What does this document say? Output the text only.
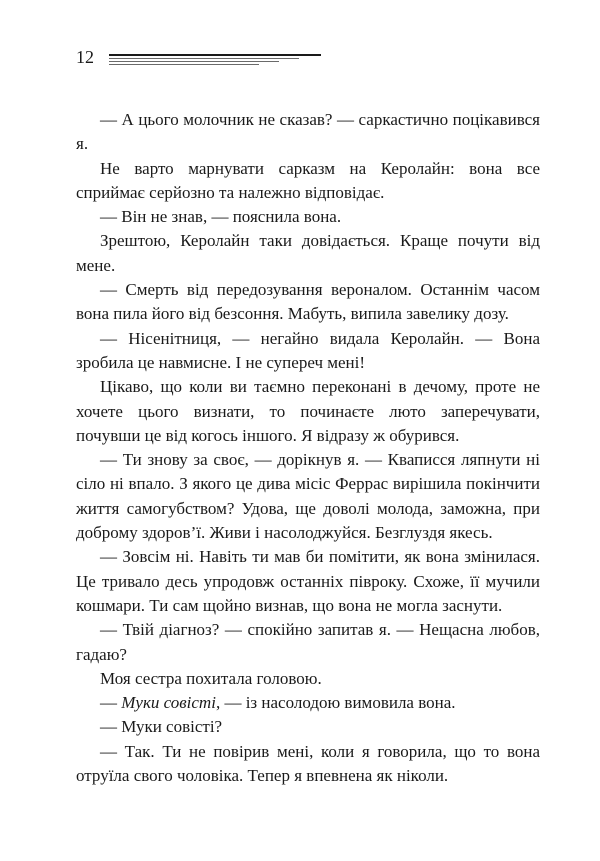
12

— А цього молочник не сказав? — саркастично поцікавився я.

Не варто марнувати сарказм на Керолайн: вона все сприймає серйозно та належно відповідає.

— Він не знав, — пояснила вона.

Зрештою, Керолайн таки довідається. Краще почути від мене.

— Смерть від передозування вероналом. Останнім часом вона пила його від безсоння. Мабуть, випила завелику дозу.

— Нісенітниця, — негайно видала Керолайн. — Вона зробила це навмисне. І не супереч мені!

Цікаво, що коли ви таємно переконані в дечому, проте не хочете цього визнати, то починаєте люто заперечувати, почувши це від когось іншого. Я відразу ж обурився.

— Ти знову за своє, — дорікнув я. — Кваписся ляпнути ні сіло ні впало. З якого це дива місіс Феррас вирішила покінчити життя самогубством? Удова, ще доволі молода, заможна, при доброму здоров’ї. Живи і насолоджуйся. Безглуздя якесь.

— Зовсім ні. Навіть ти мав би помітити, як вона змінилася. Це тривало десь упродовж останніх півроку. Схоже, її мучили кошмари. Ти сам щойно визнав, що вона не могла заснути.

— Твій діагноз? — спокійно запитав я. — Нещасна любов, гадаю?

Моя сестра похитала головою.

— Муки совісті, — із насолодою вимовила вона.

— Муки совісті?

— Так. Ти не повірив мені, коли я говорила, що то вона отруїла свого чоловіка. Тепер я впевнена як ніколи.
